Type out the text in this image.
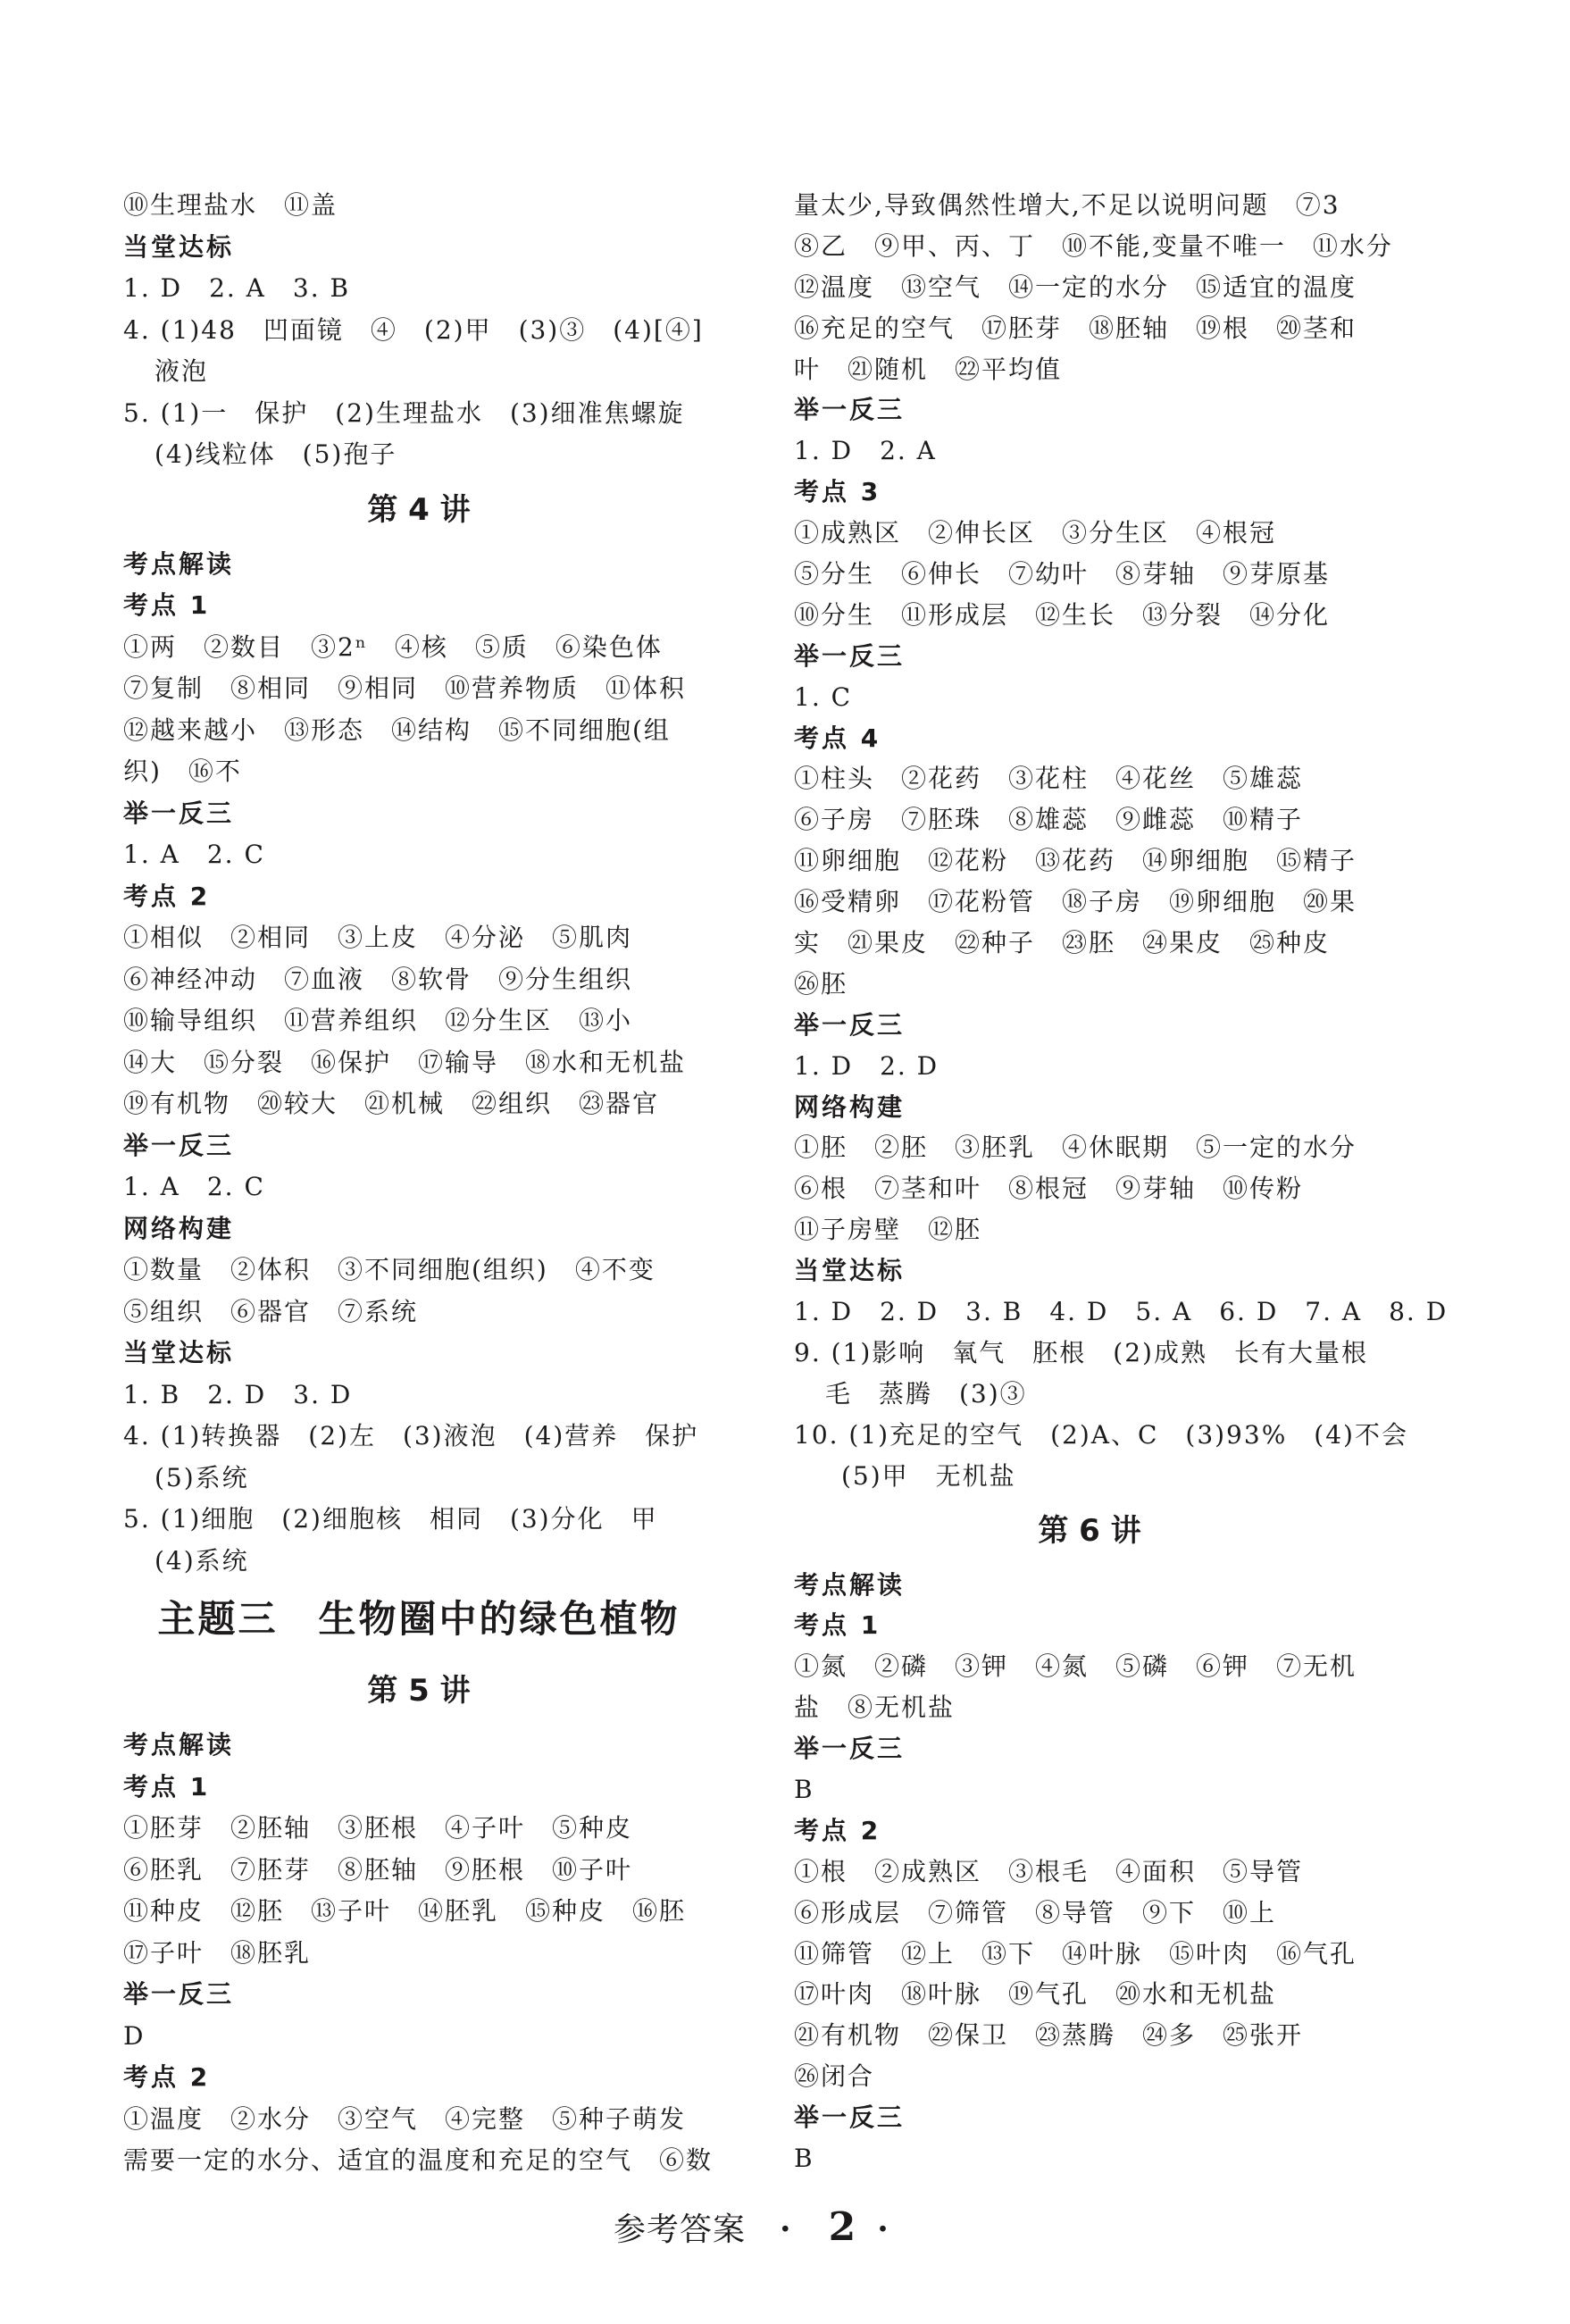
⑩生理盐水　⑪盖
当堂达标
1. D　2. A　3. B
4. (1)48　凹面镜　④　(2)甲　(3)③　(4)[④]
液泡
5. (1)一　保护　(2)生理盐水　(3)细准焦螺旋
(4)线粒体　(5)孢子
第 4 讲
考点解读
考点 1
①两　②数目　③2ⁿ　④核　⑤质　⑥染色体
⑦复制　⑧相同　⑨相同　⑩营养物质　⑪体积
⑫越来越小　⑬形态　⑭结构　⑮不同细胞(组
织)　⑯不
举一反三
1. A　2. C
考点 2
①相似　②相同　③上皮　④分泌　⑤肌肉
⑥神经冲动　⑦血液　⑧软骨　⑨分生组织
⑩输导组织　⑪营养组织　⑫分生区　⑬小
⑭大　⑮分裂　⑯保护　⑰输导　⑱水和无机盐
⑲有机物　⑳较大　㉑机械　㉒组织　㉓器官
举一反三
1. A　2. C
网络构建
①数量　②体积　③不同细胞(组织)　④不变
⑤组织　⑥器官　⑦系统
当堂达标
1. B　2. D　3. D
4. (1)转换器　(2)左　(3)液泡　(4)营养　保护
(5)系统
5. (1)细胞　(2)细胞核　相同　(3)分化　甲
(4)系统
主题三　生物圈中的绿色植物
第 5 讲
考点解读
考点 1
①胚芽　②胚轴　③胚根　④子叶　⑤种皮
⑥胚乳　⑦胚芽　⑧胚轴　⑨胚根　⑩子叶
⑪种皮　⑫胚　⑬子叶　⑭胚乳　⑮种皮　⑯胚
⑰子叶　⑱胚乳
举一反三
D
考点 2
①温度　②水分　③空气　④完整　⑤种子萌发
需要一定的水分、适宜的温度和充足的空气　⑥数
量太少,导致偶然性增大,不足以说明问题　⑦3
⑧乙　⑨甲、丙、丁　⑩不能,变量不唯一　⑪水分
⑫温度　⑬空气　⑭一定的水分　⑮适宜的温度
⑯充足的空气　⑰胚芽　⑱胚轴　⑲根　⑳茎和
叶　㉑随机　㉒平均值
举一反三
1. D　2. A
考点 3
①成熟区　②伸长区　③分生区　④根冠
⑤分生　⑥伸长　⑦幼叶　⑧芽轴　⑨芽原基
⑩分生　⑪形成层　⑫生长　⑬分裂　⑭分化
举一反三
1. C
考点 4
①柱头　②花药　③花柱　④花丝　⑤雄蕊
⑥子房　⑦胚珠　⑧雄蕊　⑨雌蕊　⑩精子
⑪卵细胞　⑫花粉　⑬花药　⑭卵细胞　⑮精子
⑯受精卵　⑰花粉管　⑱子房　⑲卵细胞　⑳果
实　㉑果皮　㉒种子　㉓胚　㉔果皮　㉕种皮
㉖胚
举一反三
1. D　2. D
网络构建
①胚　②胚　③胚乳　④休眠期　⑤一定的水分
⑥根　⑦茎和叶　⑧根冠　⑨芽轴　⑩传粉
⑪子房壁　⑫胚
当堂达标
1. D　2. D　3. B　4. D　5. A　6. D　7. A　8. D
9. (1)影响　氧气　胚根　(2)成熟　长有大量根
毛　蒸腾　(3)③
10. (1)充足的空气　(2)A、C　(3)93%　(4)不会
(5)甲　无机盐
第 6 讲
考点解读
考点 1
①氮　②磷　③钾　④氮　⑤磷　⑥钾　⑦无机
盐　⑧无机盐
举一反三
B
考点 2
①根　②成熟区　③根毛　④面积　⑤导管
⑥形成层　⑦筛管　⑧导管　⑨下　⑩上
⑪筛管　⑫上　⑬下　⑭叶脉　⑮叶肉　⑯气孔
⑰叶肉　⑱叶脉　⑲气孔　⑳水和无机盐
㉑有机物　㉒保卫　㉓蒸腾　㉔多　㉕张开
㉖闭合
举一反三
B
参考答案 · 2 ·
